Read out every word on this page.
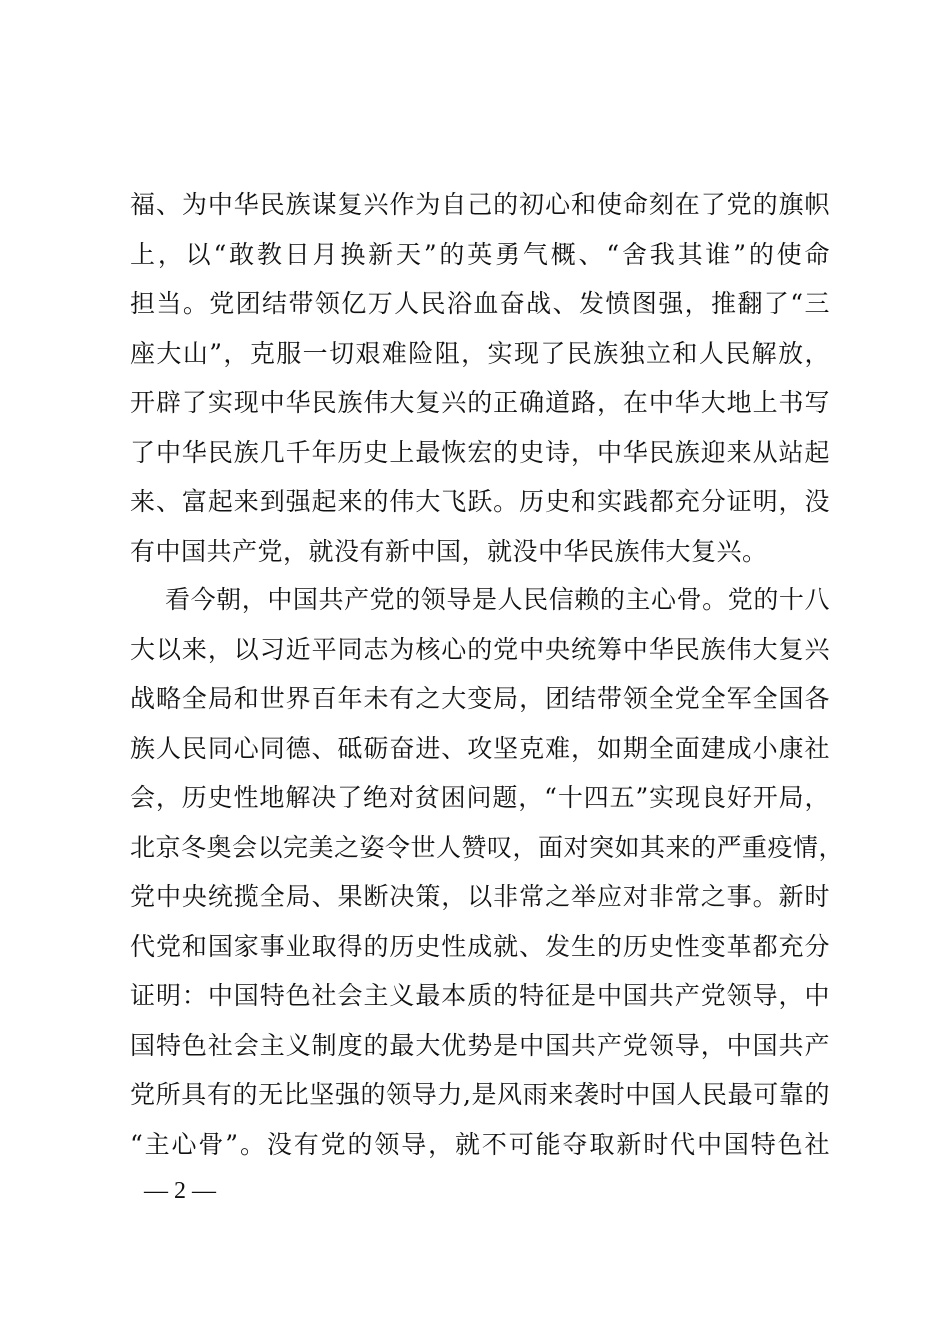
福、为中华民族谋复兴作为自己的初心和使命刻在了党的旗帜
上，以“敢教日月换新天”的英勇气概、“舍我其谁”的使命
担当。党团结带领亿万人民浴血奋战、发愤图强，推翻了“三
座大山”，克服一切艰难险阻，实现了民族独立和人民解放，
开辟了实现中华民族伟大复兴的正确道路，在中华大地上书写
了中华民族几千年历史上最恢宏的史诗，中华民族迎来从站起
来、富起来到强起来的伟大飞跃。历史和实践都充分证明，没
有中国共产党，就没有新中国，就没中华民族伟大复兴。
看今朝，中国共产党的领导是人民信赖的主心骨。党的十八
大以来，以习近平同志为核心的党中央统筹中华民族伟大复兴
战略全局和世界百年未有之大变局，团结带领全党全军全国各
族人民同心同德、砥砺奋进、攻坚克难，如期全面建成小康社
会，历史性地解决了绝对贫困问题，“十四五”实现良好开局，
北京冬奥会以完美之姿令世人赞叹，面对突如其来的严重疫情，
党中央统揽全局、果断决策，以非常之举应对非常之事。新时
代党和国家事业取得的历史性成就、发生的历史性变革都充分
证明：中国特色社会主义最本质的特征是中国共产党领导，中
国特色社会主义制度的最大优势是中国共产党领导，中国共产
党所具有的无比坚强的领导力,是风雨来袭时中国人民最可靠的
“主心骨”。没有党的领导，就不可能夺取新时代中国特色社
— 2 —
